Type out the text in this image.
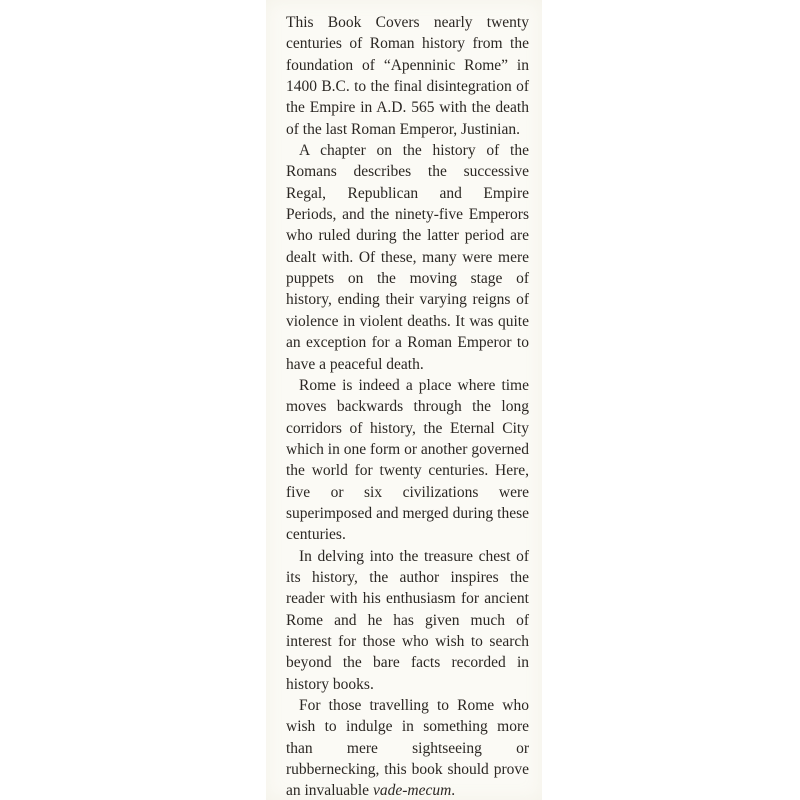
This Book Covers nearly twenty centuries of Roman history from the foundation of “Apenninic Rome” in 1400 B.C. to the final disintegration of the Empire in A.D. 565 with the death of the last Roman Emperor, Justinian.

A chapter on the history of the Romans describes the successive Regal, Republican and Empire Periods, and the ninety-five Emperors who ruled during the latter period are dealt with. Of these, many were mere puppets on the moving stage of history, ending their varying reigns of violence in violent deaths. It was quite an exception for a Roman Emperor to have a peaceful death.

Rome is indeed a place where time moves backwards through the long corridors of history, the Eternal City which in one form or another governed the world for twenty centuries. Here, five or six civilizations were superimposed and merged during these centuries.

In delving into the treasure chest of its history, the author inspires the reader with his enthusiasm for ancient Rome and he has given much of interest for those who wish to search beyond the bare facts recorded in history books.

For those travelling to Rome who wish to indulge in something more than mere sightseeing or rubbernecking, this book should prove an invaluable vade-mecum.
